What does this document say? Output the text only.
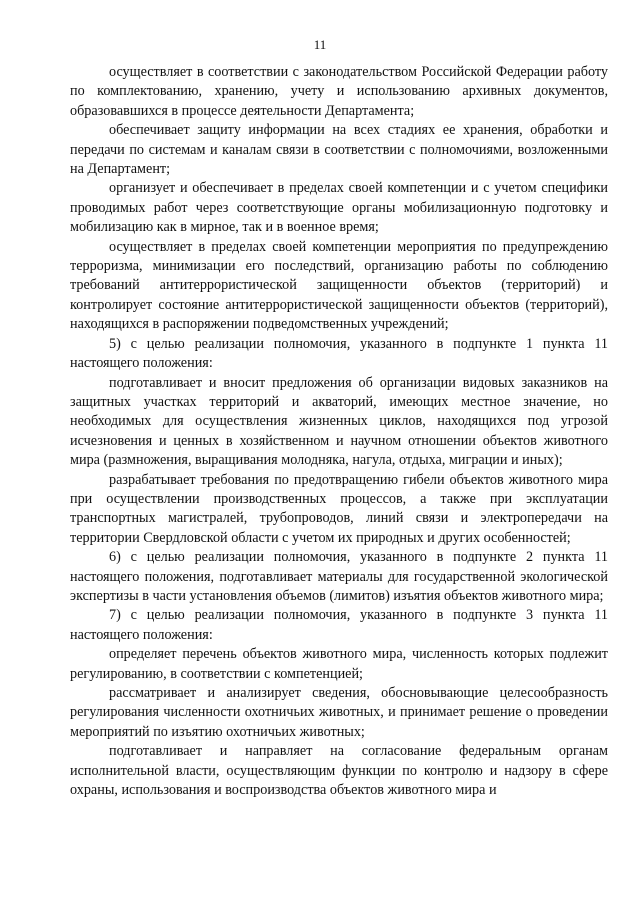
11

осуществляет в соответствии с законодательством Российской Федерации работу по комплектованию, хранению, учету и использованию архивных документов, образовавшихся в процессе деятельности Департамента;

обеспечивает защиту информации на всех стадиях ее хранения, обработки и передачи по системам и каналам связи в соответствии с полномочиями, возложенными на Департамент;

организует и обеспечивает в пределах своей компетенции и с учетом специфики проводимых работ через соответствующие органы мобилизационную подготовку и мобилизацию как в мирное, так и в военное время;

осуществляет в пределах своей компетенции мероприятия по предупреждению терроризма, минимизации его последствий, организацию работы по соблюдению требований антитеррористической защищенности объектов (территорий) и контролирует состояние антитеррористической защищенности объектов (территорий), находящихся в распоряжении подведомственных учреждений;

5) с целью реализации полномочия, указанного в подпункте 1 пункта 11 настоящего положения:

подготавливает и вносит предложения об организации видовых заказников на защитных участках территорий и акваторий, имеющих местное значение, но необходимых для осуществления жизненных циклов, находящихся под угрозой исчезновения и ценных в хозяйственном и научном отношении объектов животного мира (размножения, выращивания молодняка, нагула, отдыха, миграции и иных);

разрабатывает требования по предотвращению гибели объектов животного мира при осуществлении производственных процессов, а также при эксплуатации транспортных магистралей, трубопроводов, линий связи и электропередачи на территории Свердловской области с учетом их природных и других особенностей;

6) с целью реализации полномочия, указанного в подпункте 2 пункта 11 настоящего положения, подготавливает материалы для государственной экологической экспертизы в части установления объемов (лимитов) изъятия объектов животного мира;

7) с целью реализации полномочия, указанного в подпункте 3 пункта 11 настоящего положения:

определяет перечень объектов животного мира, численность которых подлежит регулированию, в соответствии с компетенцией;

рассматривает и анализирует сведения, обосновывающие целесообразность регулирования численности охотничьих животных, и принимает решение о проведении мероприятий по изъятию охотничьих животных;

подготавливает и направляет на согласование федеральным органам исполнительной власти, осуществляющим функции по контролю и надзору в сфере охраны, использования и воспроизводства объектов животного мира и
